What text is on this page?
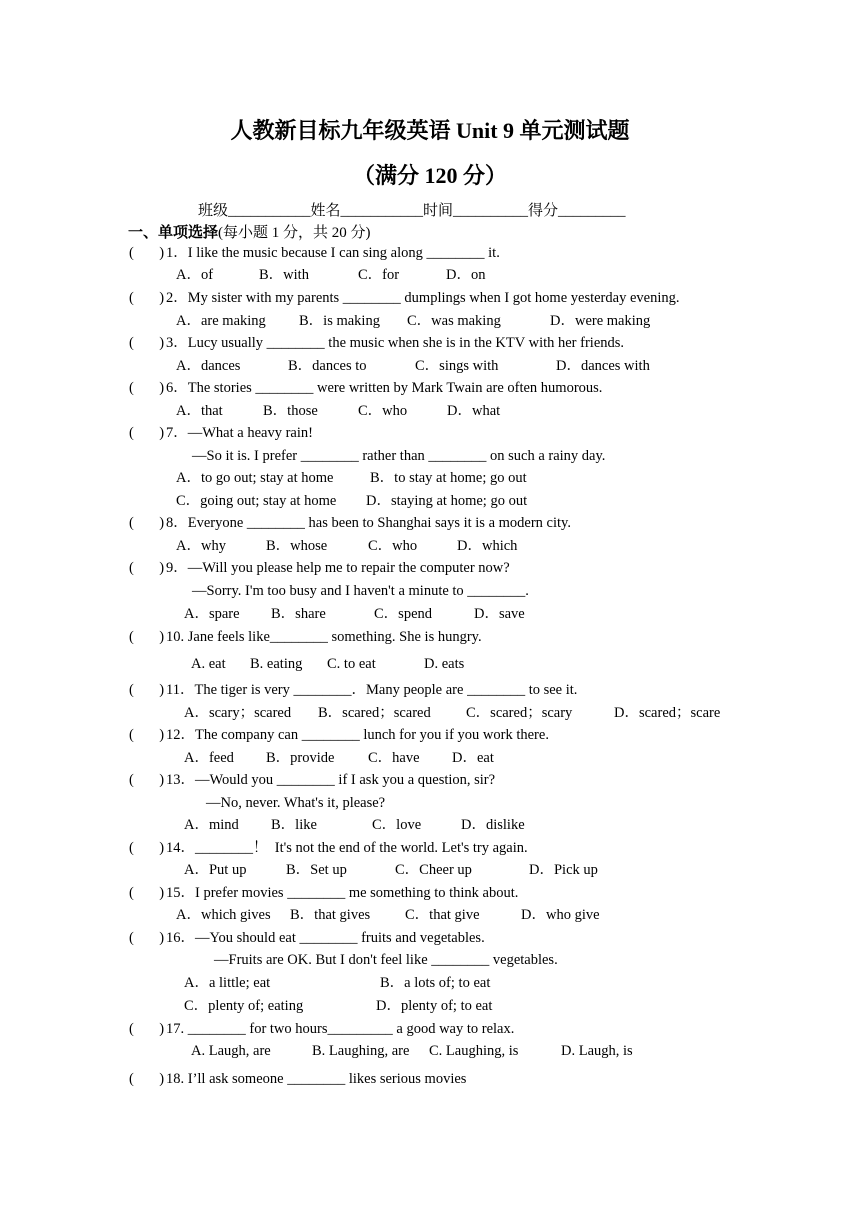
人教新目标九年级英语 Unit 9 单元测试题
（满分 120 分）
班级___________姓名___________时间__________得分_________
一、单项选择(每小题 1 分，共 20 分)
(       ) 1．I like the music because I can sing along ________ it.
A．of	B．with	C．for	D．on
(       ) 2．My sister with my parents ________ dumplings when I got home yesterday evening.
A．are making B．is making C．was making	D．were making
(       ) 3．Lucy usually ________ the music when she is in the KTV with her friends.
A．dances	B．dances to	C．sings with	D．dances with
(       ) 6．The stories ________ were written by Mark Twain are often humorous.
A．that	B．those	C．who	D．what
(       ) 7．—What a heavy rain!
—So it is. I prefer ________ rather than ________ on such a rainy day.
A．to go out; stay at home	B．to stay at home; go out
C．going out; stay at home D．staying at home; go out
(       ) 8．Everyone ________ has been to Shanghai says it is a modern city.
A．why	B．whose	C．who	D．which
(       ) 9．—Will you please help me to repair the computer now?
—Sorry. I'm too busy and I haven't a minute to ________.
A．spare B．share	C．spend	D．save
(       ) 10. Jane feels like________ something. She is hungry.
A. eat B. eating C. to eat	D. eats
(       ) 11．The tiger is very ________．Many people are ________ to see it.
A．scary；scared B．scared；scared C．scared；scary	D．scared；scare
(       ) 12．The company can ________ lunch for you if you work there.
A．feed B．provide C．have D．eat
(       ) 13．—Would you ________ if I ask you a question, sir?
—No, never. What's it, please?
A．mind B．like	C．love	D．dislike
(       ) 14．________！  It's not the end of the world. Let's try again.
A．Put up	B．Set up	C．Cheer up	D．Pick up
(       ) 15．I prefer movies ________ me something to think about.
A．which gives B．that gives C．that give	D．who give
(       ) 16．—You should eat ________ fruits and vegetables.
—Fruits are OK. But I don't feel like ________ vegetables.
A．a little; eat	B．a lots of; to eat
C．plenty of; eating	D．plenty of; to eat
(       ) 17. ________ for two hours_________ a good way to relax.
A. Laugh, are	B. Laughing, are C. Laughing, is	D. Laugh, is
(       ) 18. I’ll ask someone ________ likes serious movies
